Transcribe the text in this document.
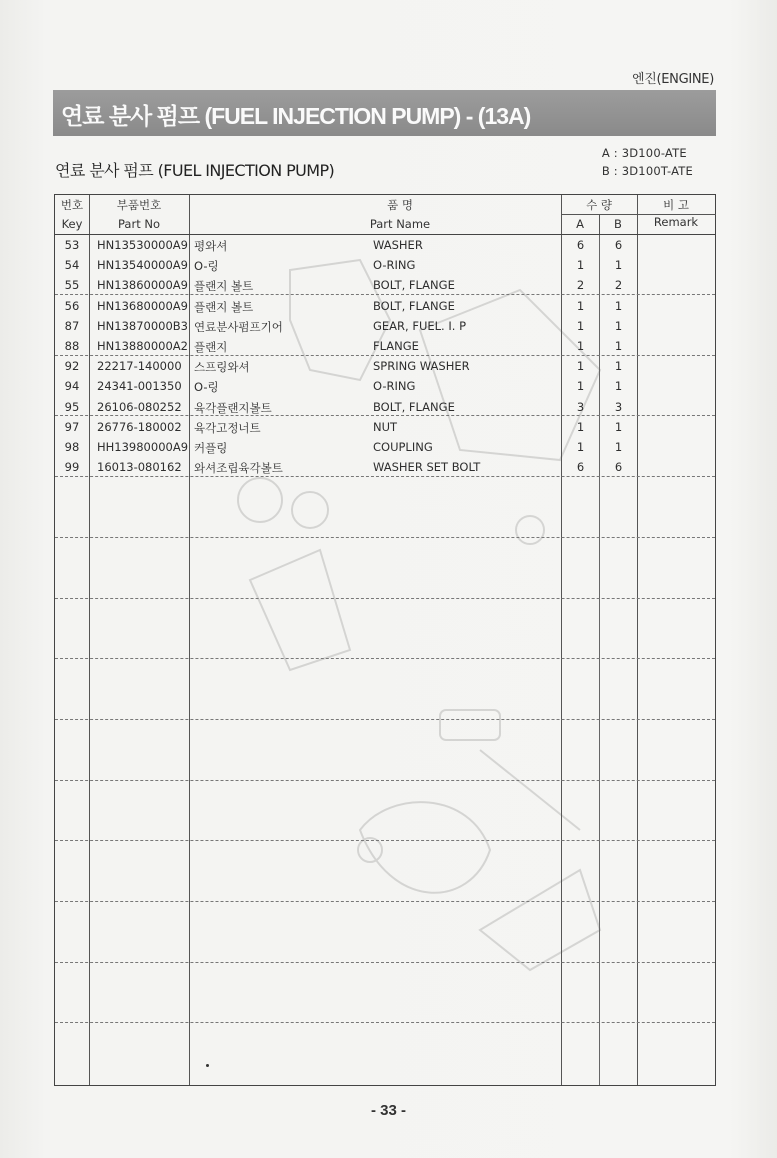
엔진(ENGINE)
연료 분사 펌프 (FUEL INJECTION PUMP) - (13A)
연료 분사 펌프 (FUEL INJECTION PUMP)
A : 3D100-ATE
B : 3D100T-ATE
번호
Key
부품번호
Part No
품 명
Part Name
수 량
A	B
비 고
Remark
53	HN13530000A9 평와셔	WASHER	6	6
54	HN13540000A9 O-링	O-RING	1	1
55	HN13860000A9 플랜지 볼트	BOLT, FLANGE	2	2
56	HN13680000A9 플랜지 볼트	BOLT, FLANGE	1	1
87	HN13870000B3 연료분사펌프기어	GEAR, FUEL. I. P	1	1
88	HN13880000A2 플랜지	FLANGE	1	1
92	22217-140000 스프링와셔	SPRING WASHER	1	1
94	24341-001350 O-링	O-RING	1	1
95	26106-080252 육각플랜지볼트	BOLT, FLANGE	3	3
97	26776-180002 육각고정너트	NUT	1	1
98	HH13980000A9 커플링	COUPLING	1	1
99	16013-080162 와셔조립육각볼트	WASHER SET BOLT	6	6
- 33 -
